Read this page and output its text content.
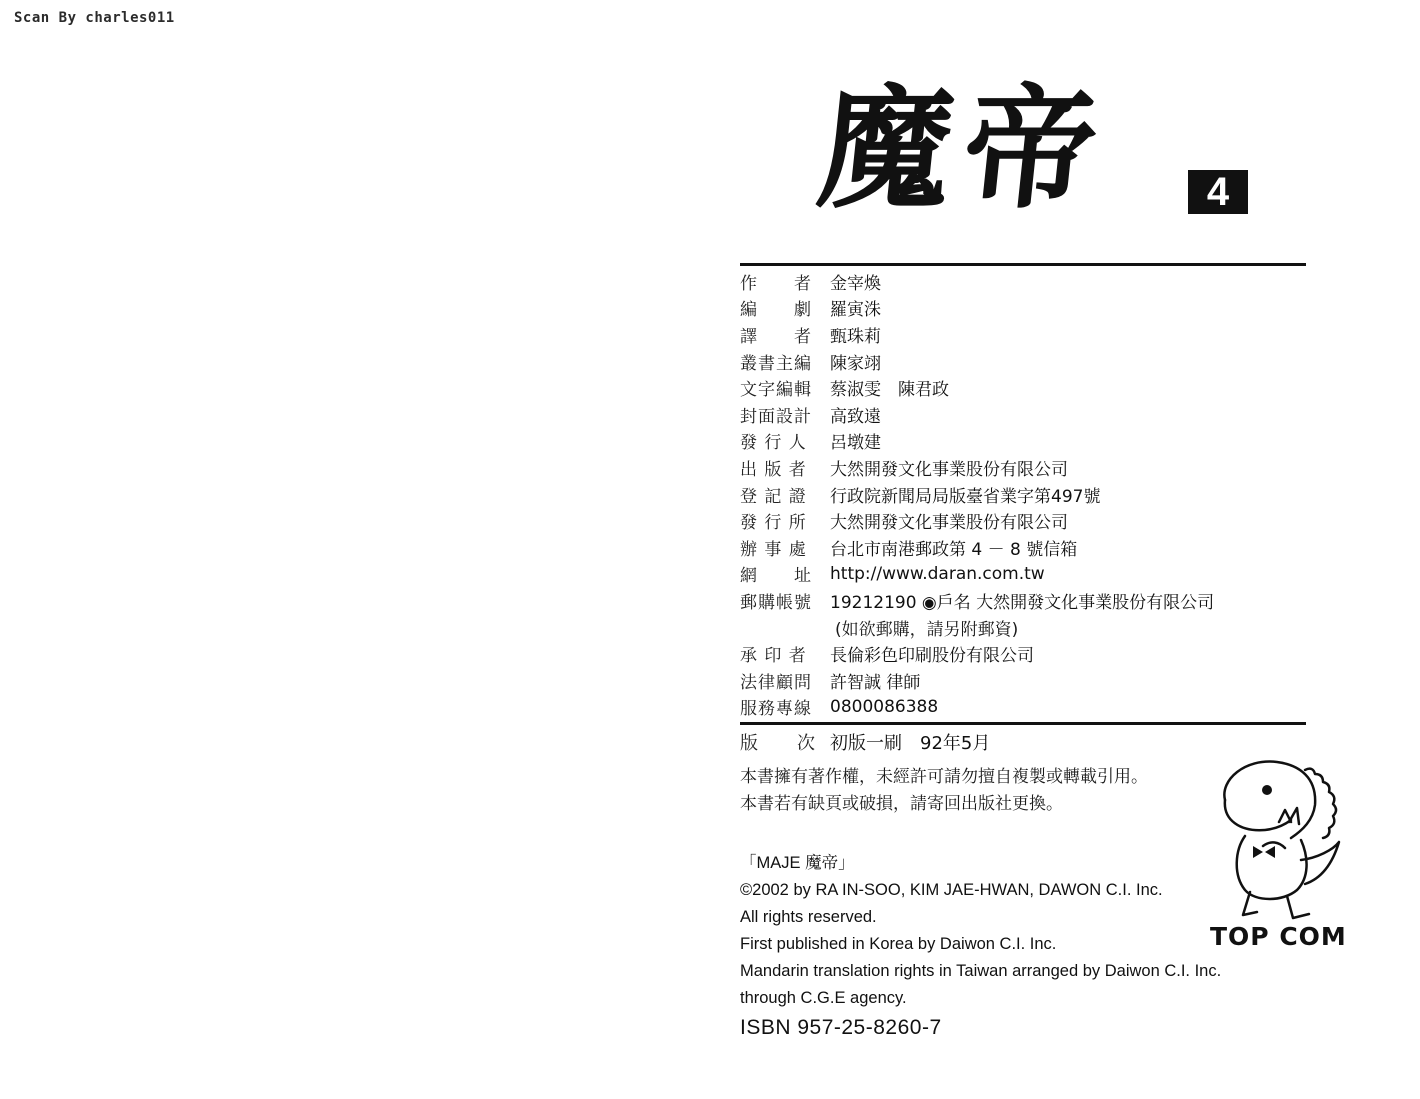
Scan By charles011
魔帝	4
作　　者	金宰煥
編　　劇	羅寅洙
譯　　者	甄珠莉
叢書主編	陳家翊
文字編輯	蔡淑雯　陳君政
封面設計	高致遠
發 行 人	呂墩建
出 版 者	大然開發文化事業股份有限公司
登 記 證	行政院新聞局局版臺省業字第497號
發 行 所	大然開發文化事業股份有限公司
辦 事 處	台北市南港郵政第 4 － 8 號信箱
網　　址	http://www.daran.com.tw
郵購帳號	19212190 ◉戶名 大然開發文化事業股份有限公司
(如欲郵購，請另附郵資)
承 印 者	長倫彩色印刷股份有限公司
法律顧問	許智誠 律師
服務專線	0800086388
版　　次 初版一刷　92年5月
本書擁有著作權，未經許可請勿擅自複製或轉載引用。
本書若有缺頁或破損，請寄回出版社更換。
「MAJE 魔帝」
©2002 by RA IN-SOO, KIM JAE-HWAN, DAWON C.I. Inc.
All rights reserved.
First published in Korea by Daiwon C.I. Inc.
Mandarin translation rights in Taiwan arranged by Daiwon C.I. Inc.
through C.G.E agency.
ISBN 957-25-8260-7
TOP COM
